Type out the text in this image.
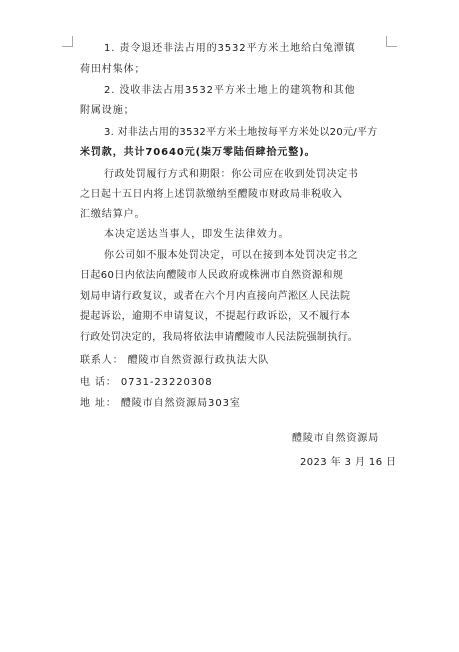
1. 责令退还非法占用的3532平方米土地给白兔潭镇
荷田村集体；
2. 没收非法占用3532平方米土地上的建筑物和其他
附属设施；
3. 对非法占用的3532平方米土地按每平方米处以20元/平方
米罚款，共计70640元(柒万零陆佰肆拾元整)。
行政处罚履行方式和期限：你公司应在收到处罚决定书
之日起十五日内将上述罚款缴纳至醴陵市财政局非税收入
汇缴结算户。
本决定送达当事人，即发生法律效力。
你公司如不服本处罚决定，可以在接到本处罚决定书之
日起60日内依法向醴陵市人民政府或株洲市自然资源和规
划局申请行政复议，或者在六个月内直接向芦淞区人民法院
提起诉讼，逾期不申请复议，不提起行政诉讼，又不履行本
行政处罚决定的，我局将依法申请醴陵市人民法院强制执行。
联系人： 醴陵市自然资源行政执法大队
电 话： 0731-23220308
地 址： 醴陵市自然资源局303室
醴陵市自然资源局
2023 年 3 月 16 日
